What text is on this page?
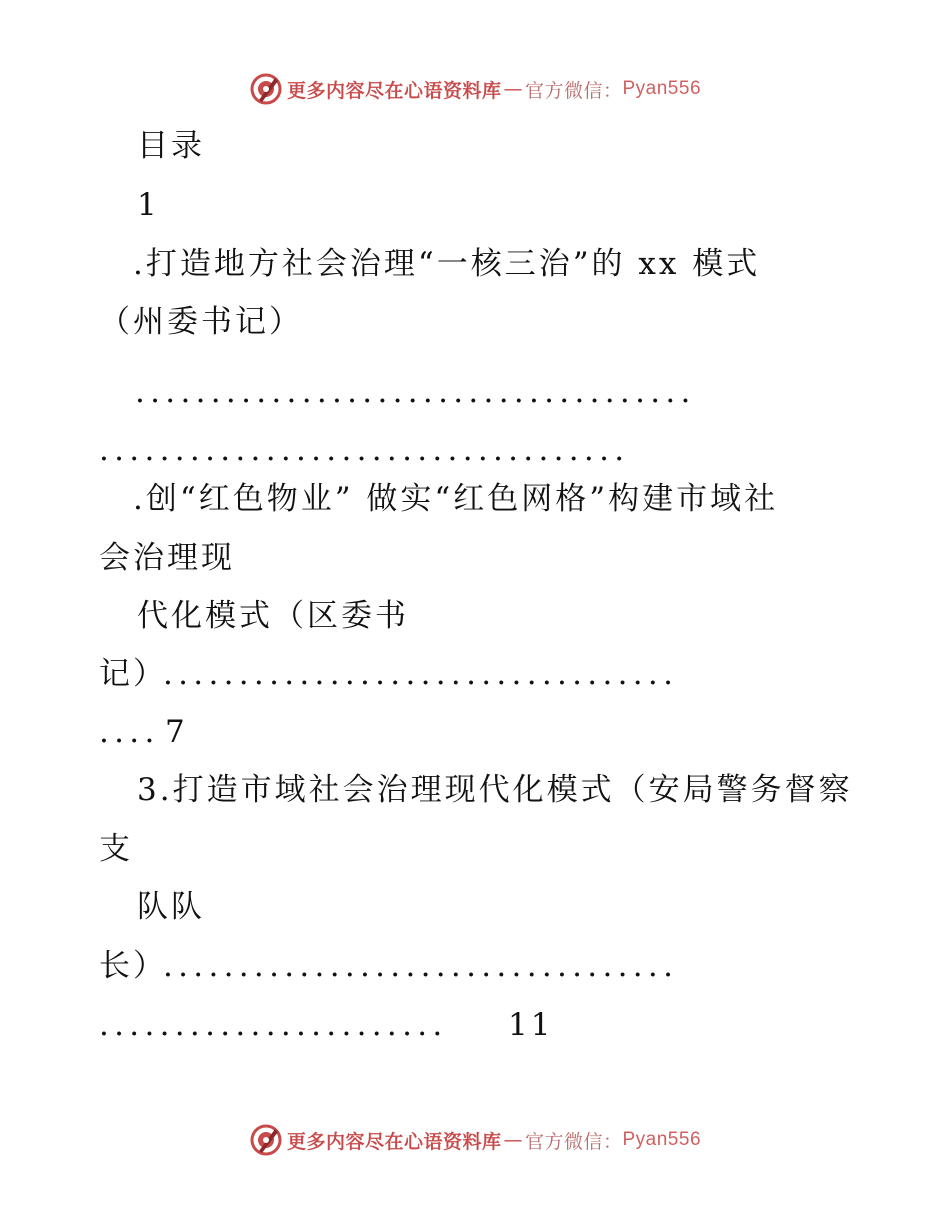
更多内容尽在心语资料库 — 官方微信： Pyan556
目录
1
.打造地方社会治理“一核三治”的 xx 模式
（州委书记）
.....................................
...................................
.创“红色物业” 做实“红色网格”构建市域社
会治理现
代化模式（区委书
记）
..................................
.... 7
3.打造市域社会治理现代化模式（安局警务督察
支
队队
长）
..................................
....................... 11
更多内容尽在心语资料库 — 官方微信： Pyan556
